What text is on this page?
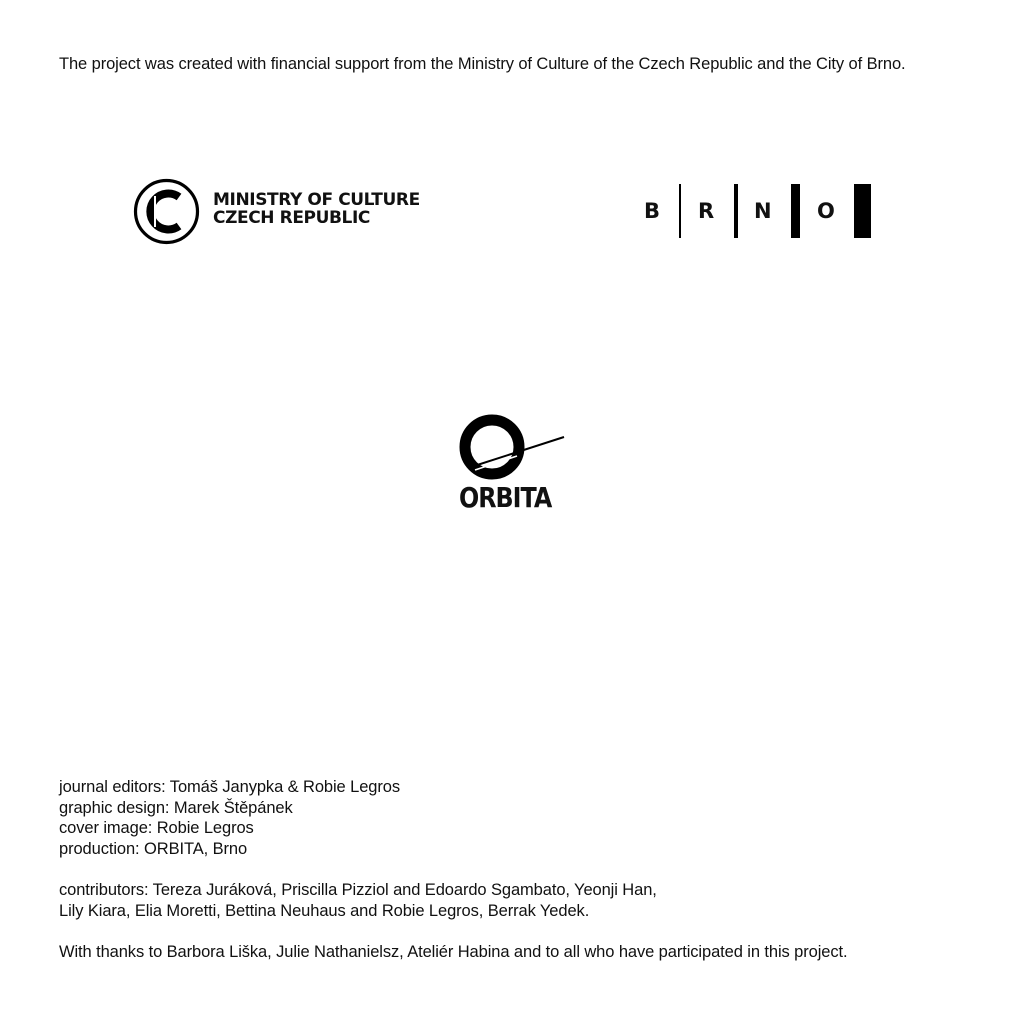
The project was created with financial support from the Ministry of Culture of the Czech Republic and the City of Brno.

MINISTRY OF CULTURE
CZECH REPUBLIC	B R N O
ORBITA

journal editors: Tomáš Janypka & Robie Legros

graphic design: Marek Štěpánek

cover image: Robie Legros

production: ORBITA, Brno

contributors: Tereza Juráková, Priscilla Pizziol and Edoardo Sgambato, Yeonji Han,

Lily Kiara, Elia Moretti, Bettina Neuhaus and Robie Legros, Berrak Yedek.

With thanks to Barbora Liška, Julie Nathanielsz, Ateliér Habina and to all who have participated in this project.
